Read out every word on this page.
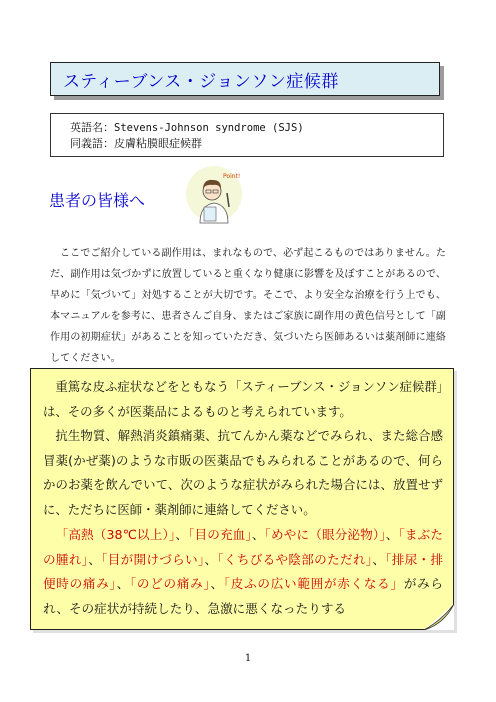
スティーブンス・ジョンソン症候群
英語名：Stevens-Johnson syndrome (SJS)
同義語：皮膚粘膜眼症候群
患者の皆様へ
Point!
ここでご紹介している副作用は、まれなもので、必ず起こるものではありません。ただ、副作用は気づかずに放置していると重くなり健康に影響を及ぼすことがあるので、早めに「気づいて」対処することが大切です。そこで、より安全な治療を行う上でも、本マニュアルを参考に、患者さんご自身、またはご家族に副作用の黄色信号として「副作用の初期症状」があることを知っていただき、気づいたら医師あるいは薬剤師に連絡してください。
重篤な皮ふ症状などをともなう「スティーブンス・ジョンソン症候群」は、その多くが医薬品によるものと考えられています。
抗生物質、解熱消炎鎮痛薬、抗てんかん薬などでみられ、また総合感冒薬(かぜ薬)のような市販の医薬品でもみられることがあるので、何らかのお薬を飲んでいて、次のような症状がみられた場合には、放置せずに、ただちに医師・薬剤師に連絡してください。
「高熱（38℃以上）」、「目の充血」、「めやに（眼分泌物）」、「まぶたの腫れ」、「目が開けづらい」、「くちびるや陰部のただれ」、「排尿・排便時の痛み」、「のどの痛み」、「皮ふの広い範囲が赤くなる」がみられ、その症状が持続したり、急激に悪くなったりする
1
